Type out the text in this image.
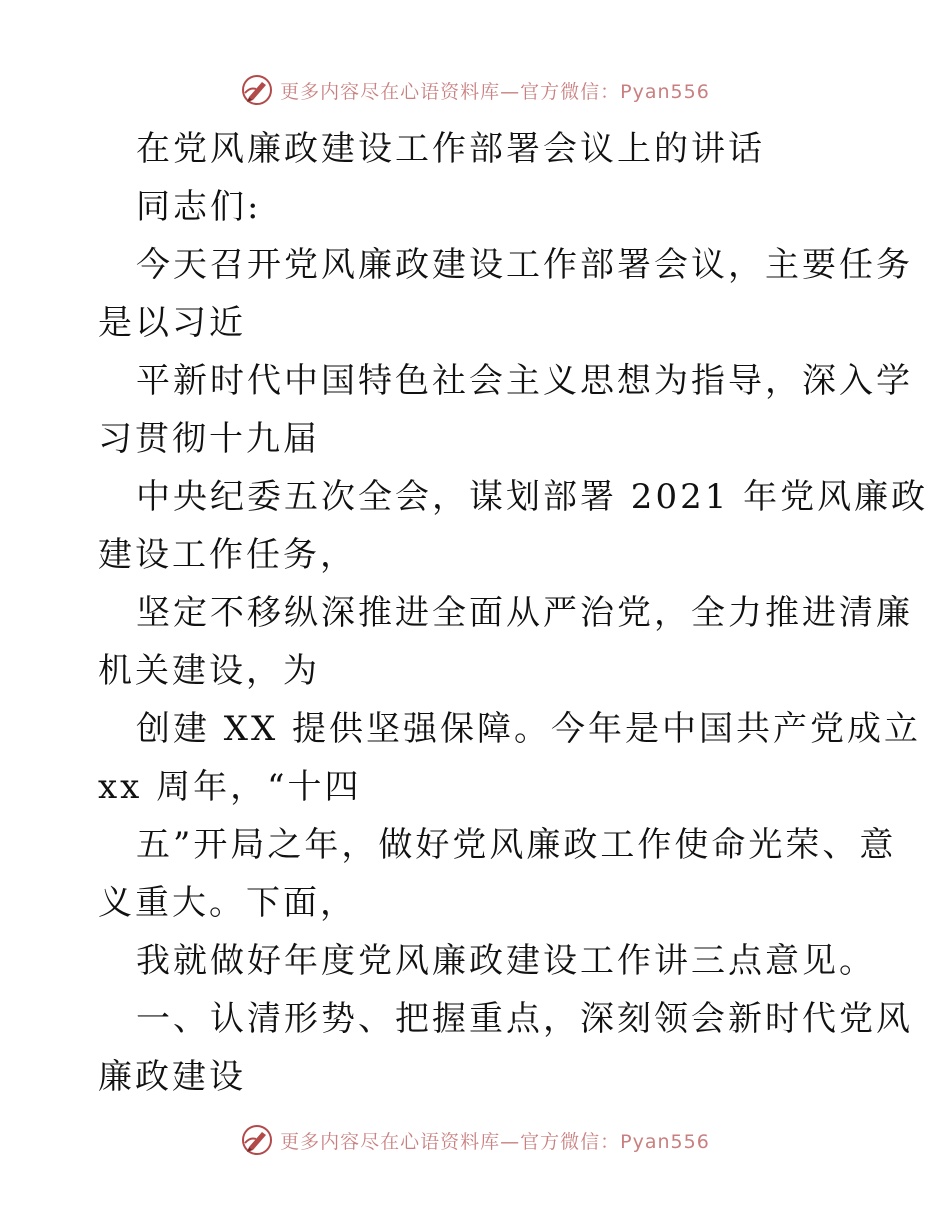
更多内容尽在心语资料库—官方微信：Pyan556
在党风廉政建设工作部署会议上的讲话
同志们:
今天召开党风廉政建设工作部署会议，主要任务
是以习近
平新时代中国特色社会主义思想为指导，深入学
习贯彻十九届
中央纪委五次全会，谋划部署 2021 年党风廉政
建设工作任务，
坚定不移纵深推进全面从严治党，全力推进清廉
机关建设，为
创建 XX 提供坚强保障。今年是中国共产党成立
xx 周年，“十四
五”开局之年，做好党风廉政工作使命光荣、意
义重大。下面，
我就做好年度党风廉政建设工作讲三点意见。
一、认清形势、把握重点，深刻领会新时代党风
廉政建设
更多内容尽在心语资料库—官方微信：Pyan556
